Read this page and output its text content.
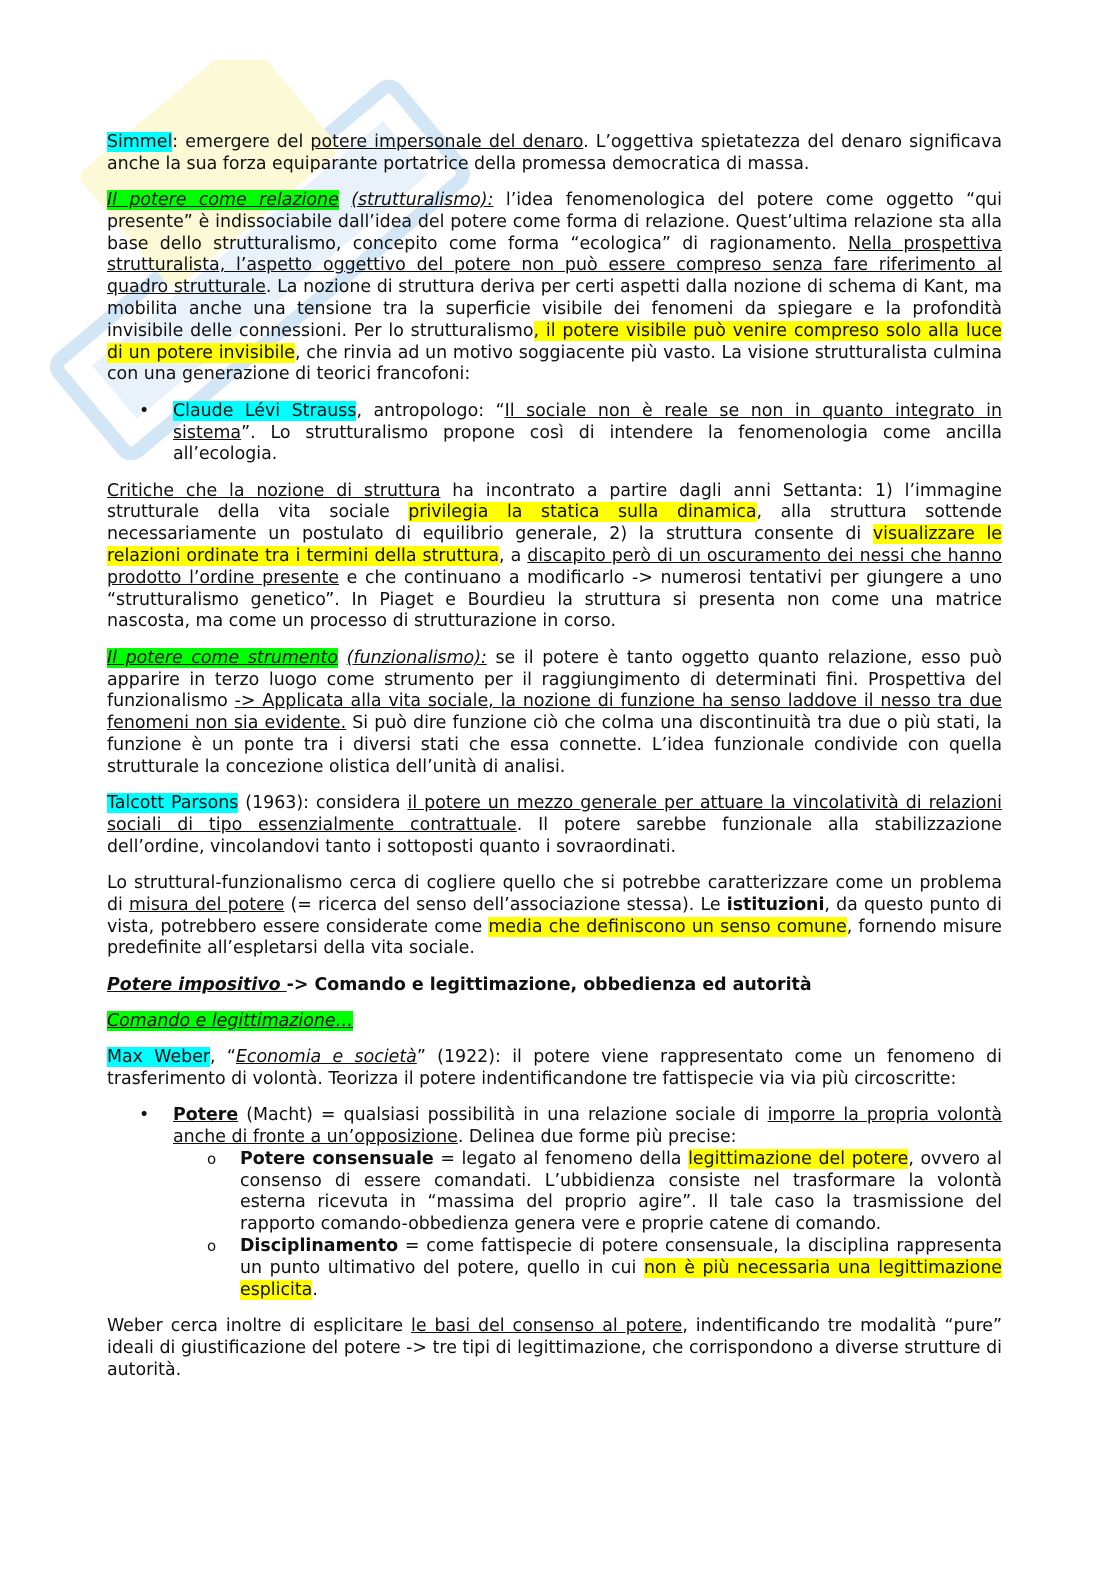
Simmel: emergere del potere impersonale del denaro. L’oggettiva spietatezza del denaro significava anche la sua forza equiparante portatrice della promessa democratica di massa.

Il potere come relazione (strutturalismo): l’idea fenomenologica del potere come oggetto “qui presente” è indissociabile dall’idea del potere come forma di relazione. Quest’ultima relazione sta alla base dello strutturalismo, concepito come forma “ecologica” di ragionamento. Nella prospettiva strutturalista, l’aspetto oggettivo del potere non può essere compreso senza fare riferimento al quadro strutturale. La nozione di struttura deriva per certi aspetti dalla nozione di schema di Kant, ma mobilita anche una tensione tra la superficie visibile dei fenomeni da spiegare e la profondità invisibile delle connessioni. Per lo strutturalismo, il potere visibile può venire compreso solo alla luce di un potere invisibile, che rinvia ad un motivo soggiacente più vasto. La visione strutturalista culmina con una generazione di teorici francofoni:

• Claude Lévi Strauss, antropologo: “Il sociale non è reale se non in quanto integrato in sistema”. Lo strutturalismo propone così di intendere la fenomenologia come ancilla all’ecologia.

Critiche che la nozione di struttura ha incontrato a partire dagli anni Settanta: 1) l’immagine strutturale della vita sociale privilegia la statica sulla dinamica, alla struttura sottende necessariamente un postulato di equilibrio generale, 2) la struttura consente di visualizzare le relazioni ordinate tra i termini della struttura, a discapito però di un oscuramento dei nessi che hanno prodotto l’ordine presente e che continuano a modificarlo -> numerosi tentativi per giungere a uno “strutturalismo genetico”. In Piaget e Bourdieu la struttura si presenta non come una matrice nascosta, ma come un processo di strutturazione in corso.

Il potere come strumento (funzionalismo): se il potere è tanto oggetto quanto relazione, esso può apparire in terzo luogo come strumento per il raggiungimento di determinati fini. Prospettiva del funzionalismo -> Applicata alla vita sociale, la nozione di funzione ha senso laddove il nesso tra due fenomeni non sia evidente. Si può dire funzione ciò che colma una discontinuità tra due o più stati, la funzione è un ponte tra i diversi stati che essa connette. L’idea funzionale condivide con quella strutturale la concezione olistica dell’unità di analisi.

Talcott Parsons (1963): considera il potere un mezzo generale per attuare la vincolatività di relazioni sociali di tipo essenzialmente contrattuale. Il potere sarebbe funzionale alla stabilizzazione dell’ordine, vincolandovi tanto i sottoposti quanto i sovraordinati.

Lo struttural-funzionalismo cerca di cogliere quello che si potrebbe caratterizzare come un problema di misura del potere (= ricerca del senso dell’associazione stessa). Le istituzioni, da questo punto di vista, potrebbero essere considerate come media che definiscono un senso comune, fornendo misure predefinite all’espletarsi della vita sociale.

Potere impositivo -> Comando e legittimazione, obbedienza ed autorità

Comando e legittimazione…

Max Weber, “Economia e società” (1922): il potere viene rappresentato come un fenomeno di trasferimento di volontà. Teorizza il potere indentificandone tre fattispecie via via più circoscritte:

• Potere (Macht) = qualsiasi possibilità in una relazione sociale di imporre la propria volontà anche di fronte a un’opposizione. Delinea due forme più precise:

o Potere consensuale = legato al fenomeno della legittimazione del potere, ovvero al consenso di essere comandati. L’ubbidienza consiste nel trasformare la volontà esterna ricevuta in “massima del proprio agire”. Il tale caso la trasmissione del rapporto comando-obbedienza genera vere e proprie catene di comando.

o Disciplinamento = come fattispecie di potere consensuale, la disciplina rappresenta un punto ultimativo del potere, quello in cui non è più necessaria una legittimazione esplicita.

Weber cerca inoltre di esplicitare le basi del consenso al potere, indentificando tre modalità “pure” ideali di giustificazione del potere -> tre tipi di legittimazione, che corrispondono a diverse strutture di autorità.
